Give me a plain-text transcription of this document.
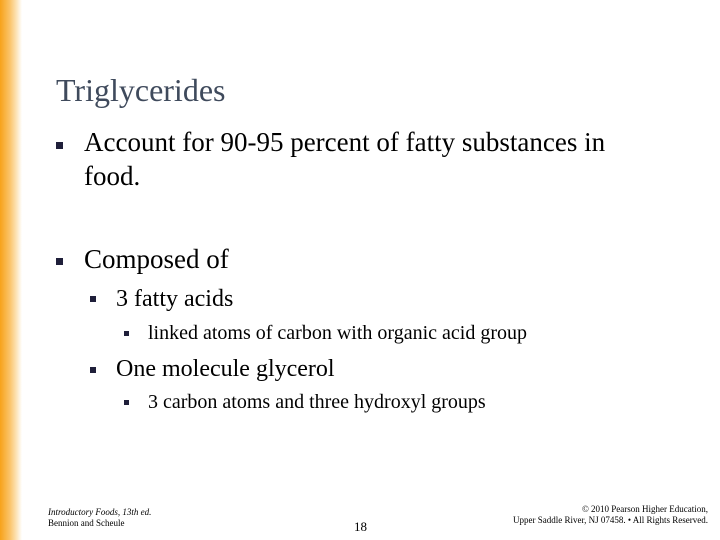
Triglycerides
Account for 90-95 percent of fatty substances in
food.
Composed of
3 fatty acids
linked atoms of carbon with organic acid group
One molecule glycerol
3 carbon atoms and three hydroxyl groups
Introductory Foods, 13th ed.
Bennion and Scheule	18
© 2010 Pearson Higher Education,
Upper Saddle River, NJ 07458. • All Rights Reserved.
